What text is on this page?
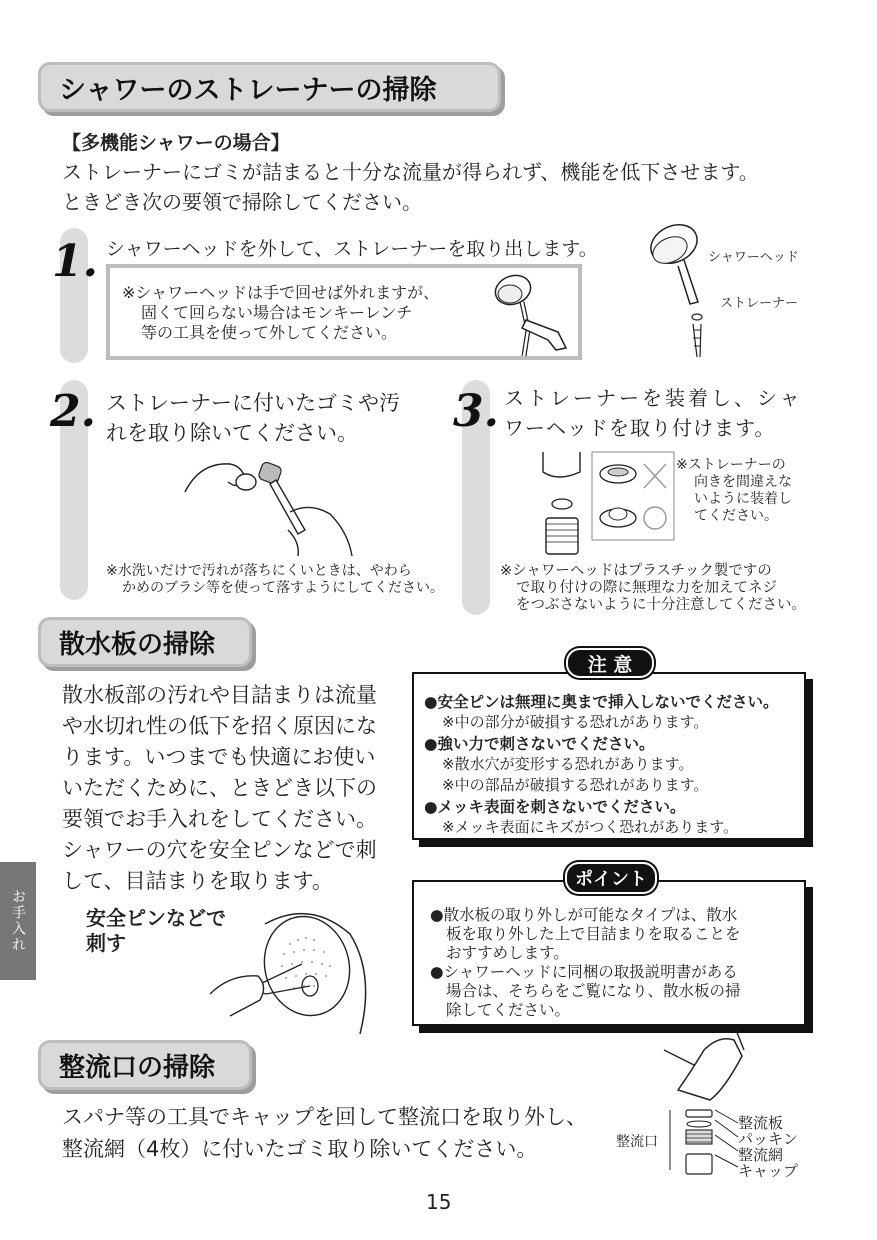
シャワーのストレーナーの掃除
【多機能シャワーの場合】
ストレーナーにゴミが詰まると十分な流量が得られず、機能を低下させます。
ときどき次の要領で掃除してください。
1. シャワーヘッドを外して、ストレーナーを取り出します。
※シャワーヘッドは手で回せば外れますが、
固くて回らない場合はモンキーレンチ
等の工具を使って外してください。
シャワーヘッド
ストレーナー
2. ストレーナーに付いたゴミや汚
れを取り除いてください。
※水洗いだけで汚れが落ちにくいときは、やわら
かめのブラシ等を使って落すようにしてください。
3. ストレーナーを装着し、シャ
ワーヘッドを取り付けます。
※ストレーナーの
向きを間違えな
いように装着し
てください。
※シャワーヘッドはプラスチック製ですの
で取り付けの際に無理な力を加えてネジ
をつぶさないように十分注意してください。
散水板の掃除
散水板部の汚れや目詰まりは流量
や水切れ性の低下を招く原因にな
ります。いつまでも快適にお使い
いただくために、ときどき以下の
要領でお手入れをしてください。
シャワーの穴を安全ピンなどで刺
して、目詰まりを取ります。
安全ピンなどで
刺す
注 意
●安全ピンは無理に奥まで挿入しないでください。
※中の部分が破損する恐れがあります。
●強い力で刺さないでください。
※散水穴が変形する恐れがあります。
※中の部品が破損する恐れがあります。
●メッキ表面を刺さないでください。
※メッキ表面にキズがつく恐れがあります。
ポイント
●散水板の取り外しが可能なタイプは、散水
板を取り外した上で目詰まりを取ることを
おすすめします。
●シャワーヘッドに同梱の取扱説明書がある
場合は、そちらをご覧になり、散水板の掃
除してください。
お手入れ
整流口の掃除
スパナ等の工具でキャップを回して整流口を取り外し、
整流網（4枚）に付いたゴミ取り除いてください。	整流口
整流板
パッキン
整流網
キャップ
15
